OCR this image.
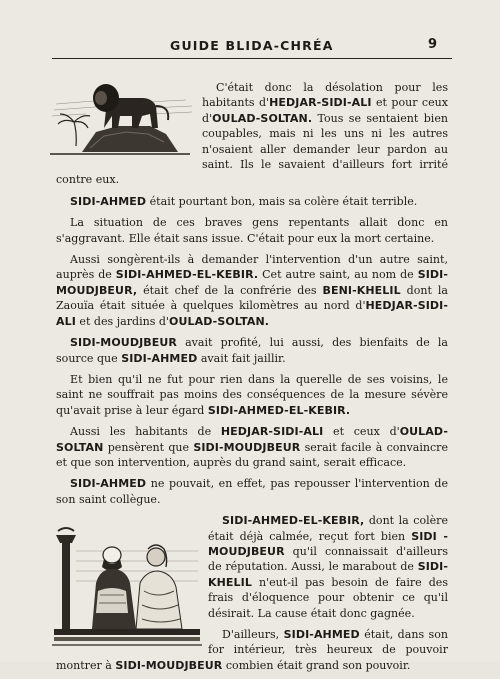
GUIDE BLIDA-CHRÉA	9

C'était donc la désolation pour les habitants d'HEDJAR-SIDI-ALI et pour ceux d'OULAD-SOLTAN. Tous se sentaient bien coupables, mais ni les uns ni les autres n'osaient aller demander leur pardon au saint. Ils le savaient d'ailleurs fort irrité contre eux.

SIDI-AHMED était pourtant bon, mais sa colère était terrible.

La situation de ces braves gens repentants allait donc en s'aggravant. Elle était sans issue. C'était pour eux la mort certaine.

Aussi songèrent-ils à demander l'intervention d'un autre saint, auprès de SIDI-AHMED-EL-KEBIR. Cet autre saint, au nom de SIDI-MOUDJBEUR, était chef de la confrérie des BENI-KHELIL dont la Zaouïa était située à quelques kilomètres au nord d'HEDJAR-SIDI-ALI et des jardins d'OULAD-SOLTAN.

SIDI-MOUDJBEUR avait profité, lui aussi, des bienfaits de la source que SIDI-AHMED avait fait jaillir.

Et bien qu'il ne fut pour rien dans la querelle de ses voisins, le saint ne souffrait pas moins des conséquences de la mesure sévère qu'avait prise à leur égard SIDI-AHMED-EL-KEBIR.

Aussi les habitants de HEDJAR-SIDI-ALI et ceux d'OULAD-SOLTAN pensèrent que SIDI-MOUDJBEUR serait facile à convaincre et que son intervention, auprès du grand saint, serait efficace.

SIDI-AHMED ne pouvait, en effet, pas repousser l'intervention de son saint collègue.

SIDI-AHMED-EL-KEBIR, dont la colère était déjà calmée, reçut fort bien SIDI - MOUDJBEUR qu'il connaissait d'ailleurs de réputation. Aussi, le marabout de SIDI-KHELIL n'eut-il pas besoin de faire des frais d'éloquence pour obtenir ce qu'il désirait. La cause était donc gagnée.

D'ailleurs, SIDI-AHMED était, dans son for intérieur, très heureux de pouvoir montrer à SIDI-MOUDJBEUR combien était grand son pouvoir.
